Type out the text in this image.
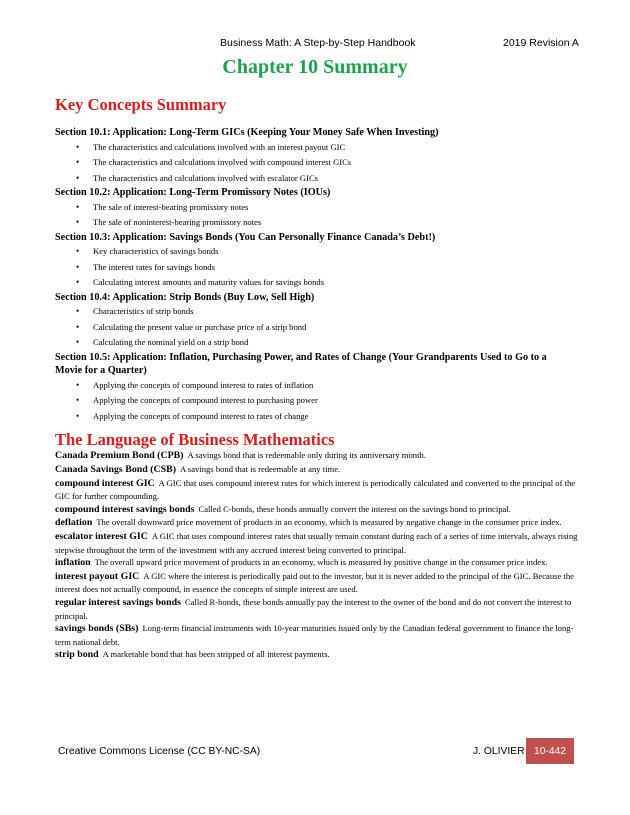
Business Math: A Step-by-Step Handbook	2019 Revision A
Chapter 10 Summary
Key Concepts Summary
Section 10.1: Application: Long-Term GICs (Keeping Your Money Safe When Investing)
• The characteristics and calculations involved with an interest payout GIC
• The characteristics and calculations involved with compound interest GICs
• The characteristics and calculations involved with escalator GICs
Section 10.2: Application: Long-Term Promissory Notes (IOUs)
• The sale of interest-bearing promissory notes
• The sale of noninterest-bearing promissory notes
Section 10.3: Application: Savings Bonds (You Can Personally Finance Canada’s Debt!)
• Key characteristics of savings bonds
• The interest rates for savings bonds
• Calculating interest amounts and maturity values for savings bonds
Section 10.4: Application: Strip Bonds (Buy Low, Sell High)
• Characteristics of strip bonds
• Calculating the present value or purchase price of a strip bond
• Calculating the nominal yield on a strip bond
Section 10.5: Application: Inflation, Purchasing Power, and Rates of Change (Your Grandparents Used to Go to a Movie for a Quarter)
• Applying the concepts of compound interest to rates of inflation
• Applying the concepts of compound interest to purchasing power
• Applying the concepts of compound interest to rates of change
The Language of Business Mathematics

Canada Premium Bond (CPB) A savings bond that is redeemable only during its anniversary month.

Canada Savings Bond (CSB) A savings bond that is redeemable at any time.

compound interest GIC A GIC that uses compound interest rates for which interest is periodically calculated and converted to the principal of the GIC for further compounding.

compound interest savings bonds Called C-bonds, these bonds annually convert the interest on the savings bond to principal.

deflation The overall downward price movement of products in an economy, which is measured by negative change in the consumer price index.

escalator interest GIC A GIC that uses compound interest rates that usually remain constant during each of a series of time intervals, always rising stepwise throughout the term of the investment with any accrued interest being converted to principal.

inflation The overall upward price movement of products in an economy, which is measured by positive change in the consumer price index.

interest payout GIC A GIC where the interest is periodically paid out to the investor, but it is never added to the principal of the GIC. Because the interest does not actually compound, in essence the concepts of simple interest are used.

regular interest savings bonds Called R-bonds, these bonds annually pay the interest to the owner of the bond and do not convert the interest to principal.

savings bonds (SBs) Long-term financial instruments with 10-year maturities issued only by the Canadian federal government to finance the long-term national debt.

strip bond A marketable bond that has been stripped of all interest payments.

Creative Commons License (CC BY-NC-SA)	J. OLIVIER 10-442
